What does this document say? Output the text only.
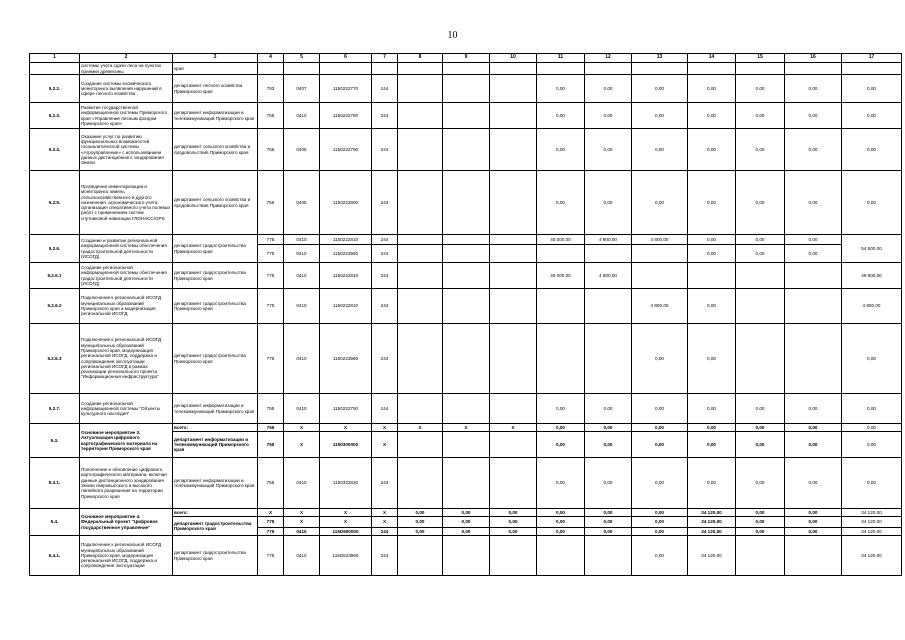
10
1	2	3	4	5	6	7	8	9	10	11	12	13	14	15	16	17
	системы учета сдачи леса на пунктах приемки древесины	края														
5.2.2.	Создание системы космического мониторинга выявления нарушений в сфере лесного хозяйства	департамент лесного хозяйства Приморского края	763	0407	1150222770	244				0,00	0,00	0,00	0,00	0,00	0,00	0,00
5.2.3.	Развитие государственной информационной системы Приморского края «Управление лесным фондом Приморского края»	департамент информатизации и телекоммуникаций Приморского края	755	0410	1150222780	244				0,00	0,00	0,00	0,00	0,00	0,00	0,00
5.2.4.	Оказание услуг по развитию функциональных возможностей госаналитической системы «Агроуправление» с использованием данных дистанционного зондирования Земли	департамент сельского хозяйства и продовольствия Приморского края	756	0405	1150222790	244				0,00	0,00	0,00	0,00	0,00	0,00	0,00
5.2.5.	Проведение инвентаризации и мониторинга земель сельскохозяйственного и другого назначения, агрономического учета, организация оперативного учета полевых работ с применением систем спутниковой навигации ГЛОНАСС/GPS	департамент сельского хозяйства и продовольствия Приморского края	756	0405	1150222800	244				0,00	0,00	0,00	0,00	0,00	0,00	0,00
5.2.6.	Создание и развитие региональной информационной системы обеспечения градостроительной деятельности (ИСОГД)	департамент градостроительства Приморского края	775	0410	1150222810	244				45 000,00	4 800,00	4 800,00	0,00	0,00	0,00	54 600,00
			775	0410	1150223960	244							0,00	0,00	0,00	
5.2.6.1	Создание региональной информационной системы обеспечения градостроительной деятельности (ИСОГД)	департамент градостроительства Приморского края	775	0410	1150222810	244				45 000,00	4 800,00					49 800,00
5.2.6.2	Подключение к региональной ИСОГД муниципальных образований Приморского края и модернизация региональной ИСОГД	департамент градостроительства Приморского края	775	0410	1150222810	244						4 800,00	0,00			4 800,00
5.2.6.3	Подключение к региональной ИСОГД муниципальных образований Приморского края, модернизация региональной ИСОГД, поддержка и сопровождение эксплуатации региональной ИСОГД в рамках реализации регионального проекта "Информационная инфраструктура"	департамент градостроительства Приморского края	775	0410	1150223960	244						0,00	0,00			0,00
5.2.7.	Создание региональной информационной системы "Объекты культурного наследия"	департамент информатизации и телекоммуникаций Приморского края	755	0410	1150222750	244				0,00	0,00	0,00	0,00	0,00	0,00	0,00
5.3.	Основное мероприятие 3. Актуализация цифрового картографического материала на территории Приморского края	всего:	755	X	X	X	X	X	X	0,00	0,00	0,00	0,00	0,00	0,00	0,00
		департамент информатизации и телекоммуникаций Приморского края	755	X	1150300000	X				0,00	0,00	0,00	0,00	0,00	0,00	0,00
5.3.1.	Пополнение и обновление цифрового картографического материала, включая данные дистанционного зондирования Земли сверхвысокого и высокого линейного разрешения на территории Приморского края	департамент информатизации и телекоммуникаций Приморского края	755	0410	1150322820	244				0,00	0,00	0,00	0,00	0,00	0,00	0,00
5.4.	Основное мероприятие 4. Федеральный проект "Цифровое государственное управление"	всего:	X	X	X	X	0,00	0,00	0,00	0,00	0,00	0,00	34 120,00	0,00	0,00	34 120,00
		департамент градостроительства Приморского края	775	X	X	X	0,00	0,00	0,00	0,00	0,00	0,00	34 120,00	0,00	0,00	34 120,00
			775	0410	115D600000	244	0,00	0,00	0,00	0,00	0,00	0,00	34 120,00	0,00	0,00	34 120,00
5.4.1.	Подключение к региональной ИСОГД муниципальных образований Приморского края, модернизация региональной ИСОГД, поддержка и сопровождение эксплуатации	департамент градостроительства Приморского края	775	0410	115D623960	244						0,00	34 120,00			34 120,00
